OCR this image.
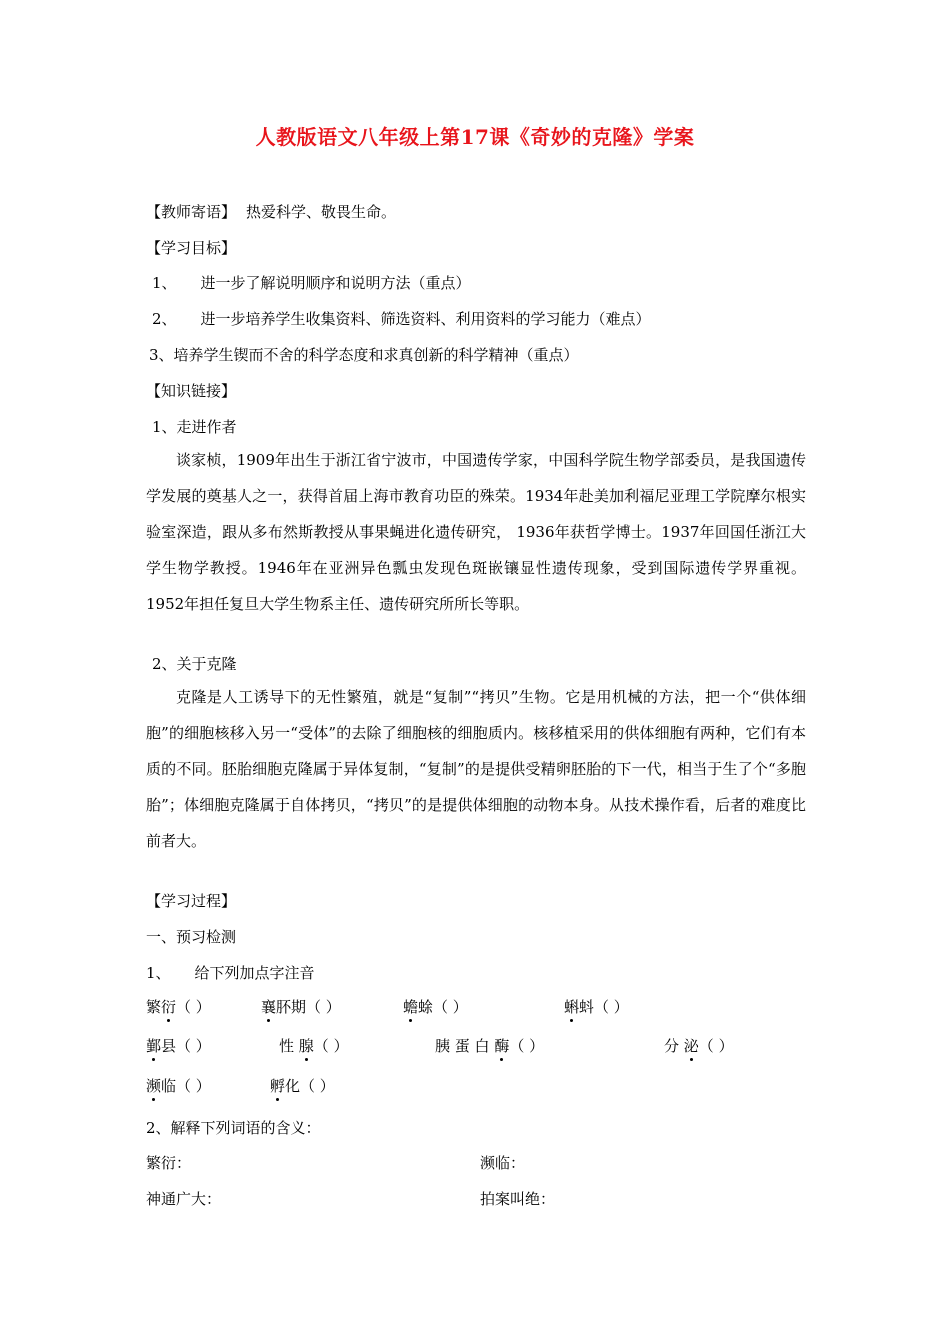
人教版语文八年级上第17课《奇妙的克隆》学案
【教师寄语】 热爱科学、敬畏生命。
【学习目标】
1、 进一步了解说明顺序和说明方法（重点）
2、 进一步培养学生收集资料、筛选资料、利用资料的学习能力（难点）
3、培养学生锲而不舍的科学态度和求真创新的科学精神（重点）
【知识链接】
1、走进作者
谈家桢，1909年出生于浙江省宁波市，中国遗传学家，中国科学院生物学部委员，是我国遗传学发展的奠基人之一，获得首届上海市教育功臣的殊荣。1934年赴美加利福尼亚理工学院摩尔根实验室深造，跟从多布然斯教授从事果蝇进化遗传研究， 1936年获哲学博士。1937年回国任浙江大学生物学教授。1946年在亚洲异色瓢虫发现色斑嵌镶显性遗传现象，受到国际遗传学界重视。1952年担任复旦大学生物系主任、遗传研究所所长等职。
2、关于克隆
克隆是人工诱导下的无性繁殖，就是“复制”“拷贝”生物。它是用机械的方法，把一个“供体细胞”的细胞核移入另一“受体”的去除了细胞核的细胞质内。核移植采用的供体细胞有两种，它们有本质的不同。胚胎细胞克隆属于异体复制，“复制”的是提供受精卵胚胎的下一代，相当于生了个“多胞胎”；体细胞克隆属于自体拷贝，“拷贝”的是提供体细胞的动物本身。从技术操作看，后者的难度比前者大。
【学习过程】
一、预习检测
1、 给下列加点字注音
繁衍（ ）	襄肧期（ ）	蟾蜍（ ）	蝌蚪（ ）
鄞县（ ）	性 腺（ ）	胰 蛋 白 酶（ ）	分 泌（ ）
濒临（ ）	孵化（ ）
2、解释下列词语的含义：
繁衍：	濒临：
神通广大：	拍案叫绝：
